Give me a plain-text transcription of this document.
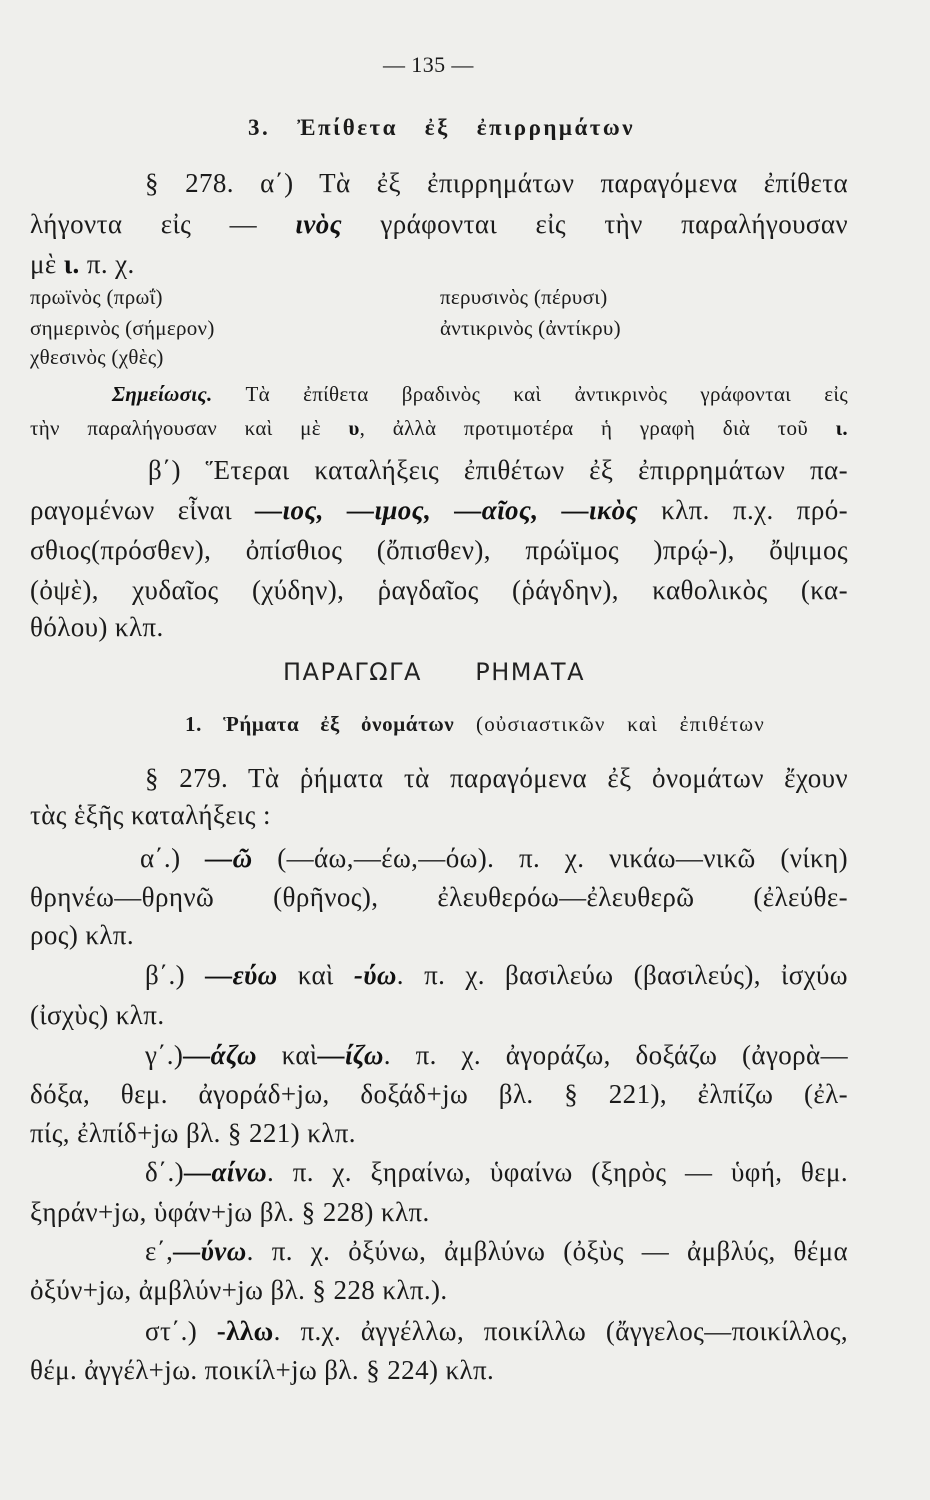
— 135 —
3. Ἐπίθετα ἐξ ἐπιρρημάτων
§ 278. α΄) Τὰ ἐξ ἐπιρρημάτων παραγόμενα ἐπίθετα
λήγοντα εἰς — ινὸς γράφονται εἰς τὴν παραλήγουσαν
μὲ ι. π. χ.
πρωϊνὸς (πρωΐ)	περυσινὸς (πέρυσι)
σημερινὸς (σήμερον)	ἀντικρινὸς (ἀντίκρυ)
χθεσινὸς (χθὲς)
Σημείωσις. Τὰ ἐπίθετα βραδινὸς καὶ ἀντικρινὸς γράφονται εἰς
τὴν παραλήγουσαν καὶ μὲ υ, ἀλλὰ προτιμοτέρα ἡ γραφὴ διὰ τοῦ ι.
β΄) Ἕτεραι καταλήξεις ἐπιθέτων ἐξ ἐπιρρημάτων πα-
ραγομένων εἶναι —ιος, —ιμος, —αῖος, —ικὸς κλπ. π.χ. πρό-
σθιος(πρόσθεν), ὀπίσθιος (ὄπισθεν), πρώϊμος )πρῴ-), ὄψιμος
(ὀψὲ), χυδαῖος (χύδην), ῥαγδαῖος (ῥάγδην), καθολικὸς (κα-
θόλου) κλπ.
ΠΑΡΑΓΩΓΑ ΡΗΜΑΤΑ
1. Ῥήματα ἐξ ὀνομάτων (οὐσιαστικῶν καὶ ἐπιθέτων
§ 279. Τὰ ῥήματα τὰ παραγόμενα ἐξ ὀνομάτων ἔχουν
τὰς ἑξῆς καταλήξεις :
α΄.) —ῶ (—άω,—έω,—όω). π. χ. νικάω—νικῶ (νίκη)
θρηνέω—θρηνῶ (θρῆνος), ἐλευθερόω—ἐλευθερῶ (ἐλεύθε-
ρος) κλπ.
β΄.) —εύω καὶ -ύω. π. χ. βασιλεύω (βασιλεύς), ἰσχύω
(ἰσχὺς) κλπ.
γ΄.)—άζω καὶ—ίζω. π. χ. ἀγοράζω, δοξάζω (ἀγορὰ—
δόξα, θεμ. ἀγοράδ+jω, δοξάδ+jω βλ. § 221), ἐλπίζω (ἐλ-
πίς, ἐλπίδ+jω βλ. § 221) κλπ.
δ΄.)—αίνω. π. χ. ξηραίνω, ὑφαίνω (ξηρὸς — ὑφή, θεμ.
ξηράν+jω, ὑφάν+jω βλ. § 228) κλπ.
ε΄,—ύνω. π. χ. ὀξύνω, ἀμβλύνω (ὀξὺς — ἀμβλύς, θέμα
ὀξύν+jω, ἀμβλύν+jω βλ. § 228 κλπ.).
στ΄.) -λλω. π.χ. ἀγγέλλω, ποικίλλω (ἄγγελος—ποικίλλος,
θέμ. ἀγγέλ+jω. ποικίλ+jω βλ. § 224) κλπ.
